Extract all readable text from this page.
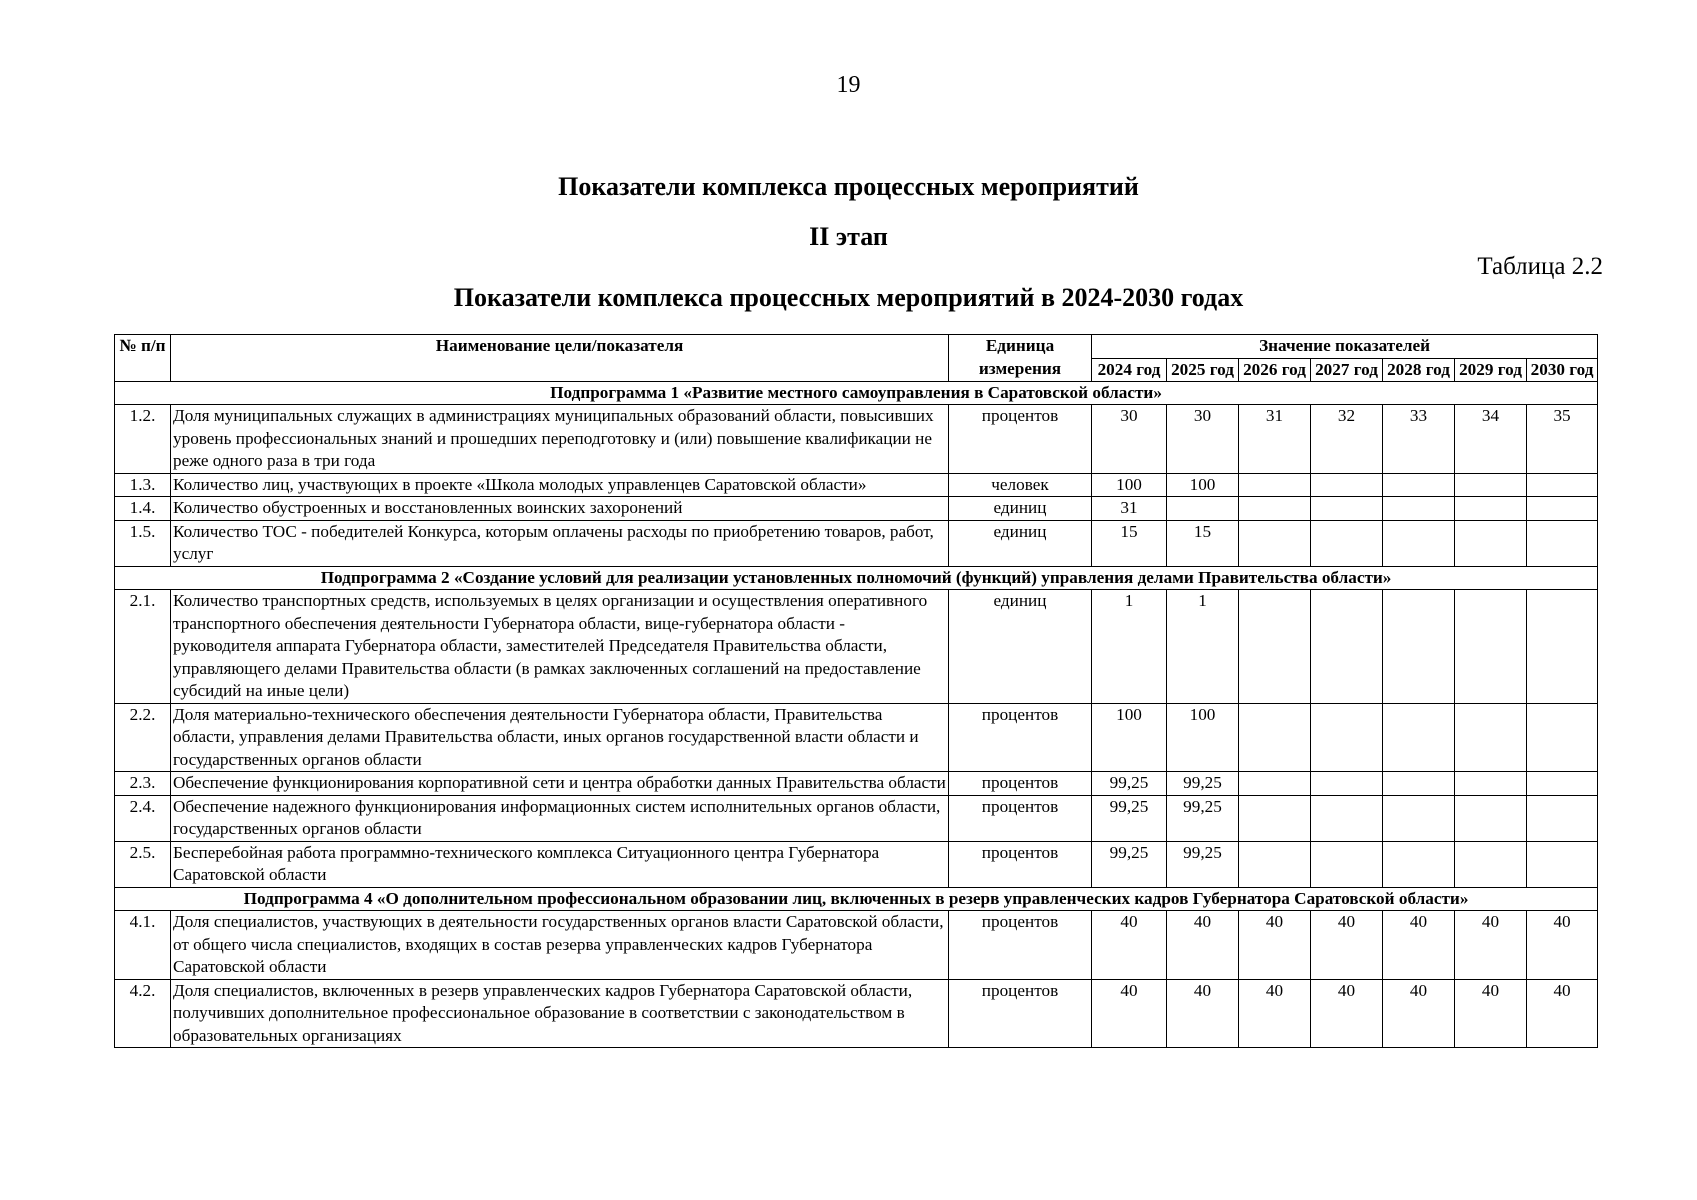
19
Показатели комплекса процессных мероприятий
II этап
Таблица 2.2
Показатели комплекса процессных мероприятий в 2024-2030 годах
№ п/п	Наименование цели/показателя	Единица измерения	Значение показателей						
			2024 год	2025 год	2026 год	2027 год	2028 год	2029 год	2030 год
Подпрограмма 1 «Развитие местного самоуправления в Саратовской области»									
1.2.	Доля муниципальных служащих в администрациях муниципальных образований области, повысивших уровень профессиональных знаний и прошедших переподготовку и (или) повышение квалификации не реже одного раза в три года	процентов	30	30	31	32	33	34	35
1.3.	Количество лиц, участвующих в проекте «Школа молодых управленцев Саратовской области»	человек	100	100					
1.4.	Количество обустроенных и восстановленных воинских захоронений	единиц	31						
1.5.	Количество ТОС - победителей Конкурса, которым оплачены расходы по приобретению товаров, работ, услуг	единиц	15	15					
Подпрограмма 2 «Создание условий для реализации установленных полномочий (функций) управления делами Правительства области»									
2.1.	Количество транспортных средств, используемых в целях организации и осуществления оперативного транспортного обеспечения деятельности Губернатора области, вице-губернатора области - руководителя аппарата Губернатора области, заместителей Председателя Правительства области, управляющего делами Правительства области (в рамках заключенных соглашений на предоставление субсидий на иные цели)	единиц	1	1					
2.2.	Доля материально-технического обеспечения деятельности Губернатора области, Правительства области, управления делами Правительства области, иных органов государственной власти области и государственных органов области	процентов	100	100					
2.3.	Обеспечение функционирования корпоративной сети и центра обработки данных Правительства области	процентов	99,25	99,25					
2.4.	Обеспечение надежного функционирования информационных систем исполнительных органов области, государственных органов области	процентов	99,25	99,25					
2.5.	Бесперебойная работа программно-технического комплекса Ситуационного центра Губернатора Саратовской области	процентов	99,25	99,25					
Подпрограмма 4 «О дополнительном профессиональном образовании лиц, включенных в резерв управленческих кадров Губернатора Саратовской области»									
4.1.	Доля специалистов, участвующих в деятельности государственных органов власти Саратовской области, от общего числа специалистов, входящих в состав резерва управленческих кадров Губернатора Саратовской области	процентов	40	40	40	40	40	40	40
4.2.	Доля специалистов, включенных в резерв управленческих кадров Губернатора Саратовской области, получивших дополнительное профессиональное образование в соответствии с законодательством в образовательных организациях	процентов	40	40	40	40	40	40	40
